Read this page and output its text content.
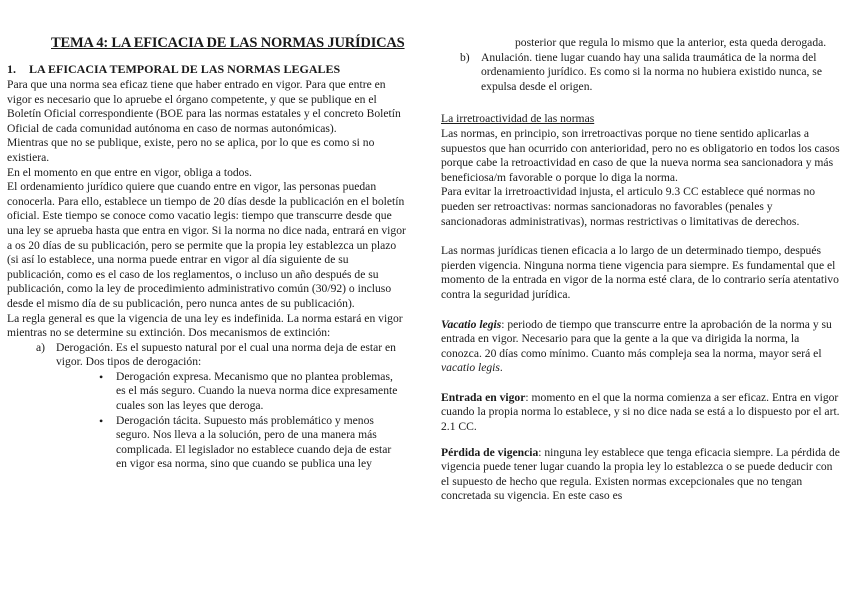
TEMA 4: LA EFICACIA DE LAS NORMAS JURÍDICAS
1. LA EFICACIA TEMPORAL DE LAS NORMAS LEGALES

Para que una norma sea eficaz tiene que haber entrado en vigor. Para que entre en vigor es necesario que lo apruebe el órgano competente, y que se publique en el Boletín Oficial correspondiente (BOE para las normas estatales y el concreto Boletín Oficial de cada comunidad autónoma en caso de normas autonómicas).

Mientras que no se publique, existe, pero no se aplica, por lo que es como si no existiera.

En el momento en que entre en vigor, obliga a todos.

El ordenamiento jurídico quiere que cuando entre en vigor, las personas puedan conocerla. Para ello, establece un tiempo de 20 días desde la publicación en el boletín oficial. Este tiempo se conoce como vacatio legis: tiempo que transcurre desde que una ley se aprueba hasta que entra en vigor. Si la norma no dice nada, entrará en vigor a os 20 días de su publicación, pero se permite que la propia ley establezca un plazo (si así lo establece, una norma puede entrar en vigor al día siguiente de su publicación, como es el caso de los reglamentos, o incluso un año después de su publicación, como la ley de procedimiento administrativo común (30/92) o incluso desde el mismo día de su publicación, pero nunca antes de su publicación).

La regla general es que la vigencia de una ley es indefinida. La norma estará en vigor mientras no se determine su extinción. Dos mecanismos de extinción:

a) Derogación. Es el supuesto natural por el cual una norma deja de estar en vigor. Dos tipos de derogación:
• Derogación expresa. Mecanismo que no plantea problemas, es el más seguro. Cuando la nueva norma dice expresamente cuales son las leyes que deroga.
• Derogación tácita. Supuesto más problemático y menos seguro. Nos lleva a la solución, pero de una manera más complicada. El legislador no establece cuando deja de estar en vigor esa norma, sino que cuando se publica una ley

posterior que regula lo mismo que la anterior, esta queda derogada.

b) Anulación. tiene lugar cuando hay una salida traumática de la norma del ordenamiento jurídico. Es como si la norma no hubiera existido nunca, se expulsa desde el origen.

La irretroactividad de las normas

Las normas, en principio, son irretroactivas porque no tiene sentido aplicarlas a supuestos que han ocurrido con anterioridad, pero no es obligatorio en todos los casos porque cabe la retroactividad en caso de que la nueva norma sea sancionadora y más beneficiosa/m favorable o porque lo diga la norma.

Para evitar la irretroactividad injusta, el articulo 9.3 CC establece qué normas no pueden ser retroactivas: normas sancionadoras no favorables (penales y sancionadoras administrativas), normas restrictivas o limitativas de derechos.

Las normas jurídicas tienen eficacia a lo largo de un determinado tiempo, después pierden vigencia. Ninguna norma tiene vigencia para siempre. Es fundamental que el momento de la entrada en vigor de la norma esté clara, de lo contrario sería atentativo contra la seguridad jurídica.

Vacatio legis: periodo de tiempo que transcurre entre la aprobación de la norma y su entrada en vigor. Necesario para que la gente a la que va dirigida la norma, la conozca. 20 días como mínimo. Cuanto más compleja sea la norma, mayor será el vacatio legis.

Entrada en vigor: momento en el que la norma comienza a ser eficaz. Entra en vigor cuando la propia norma lo establece, y si no dice nada se está a lo dispuesto por el art. 2.1 CC.

Pérdida de vigencia: ninguna ley establece que tenga eficacia siempre. La pérdida de vigencia puede tener lugar cuando la propia ley lo establezca o se puede deducir con el supuesto de hecho que regula. Existen normas excepcionales que no tengan concretada su vigencia. En este caso es
